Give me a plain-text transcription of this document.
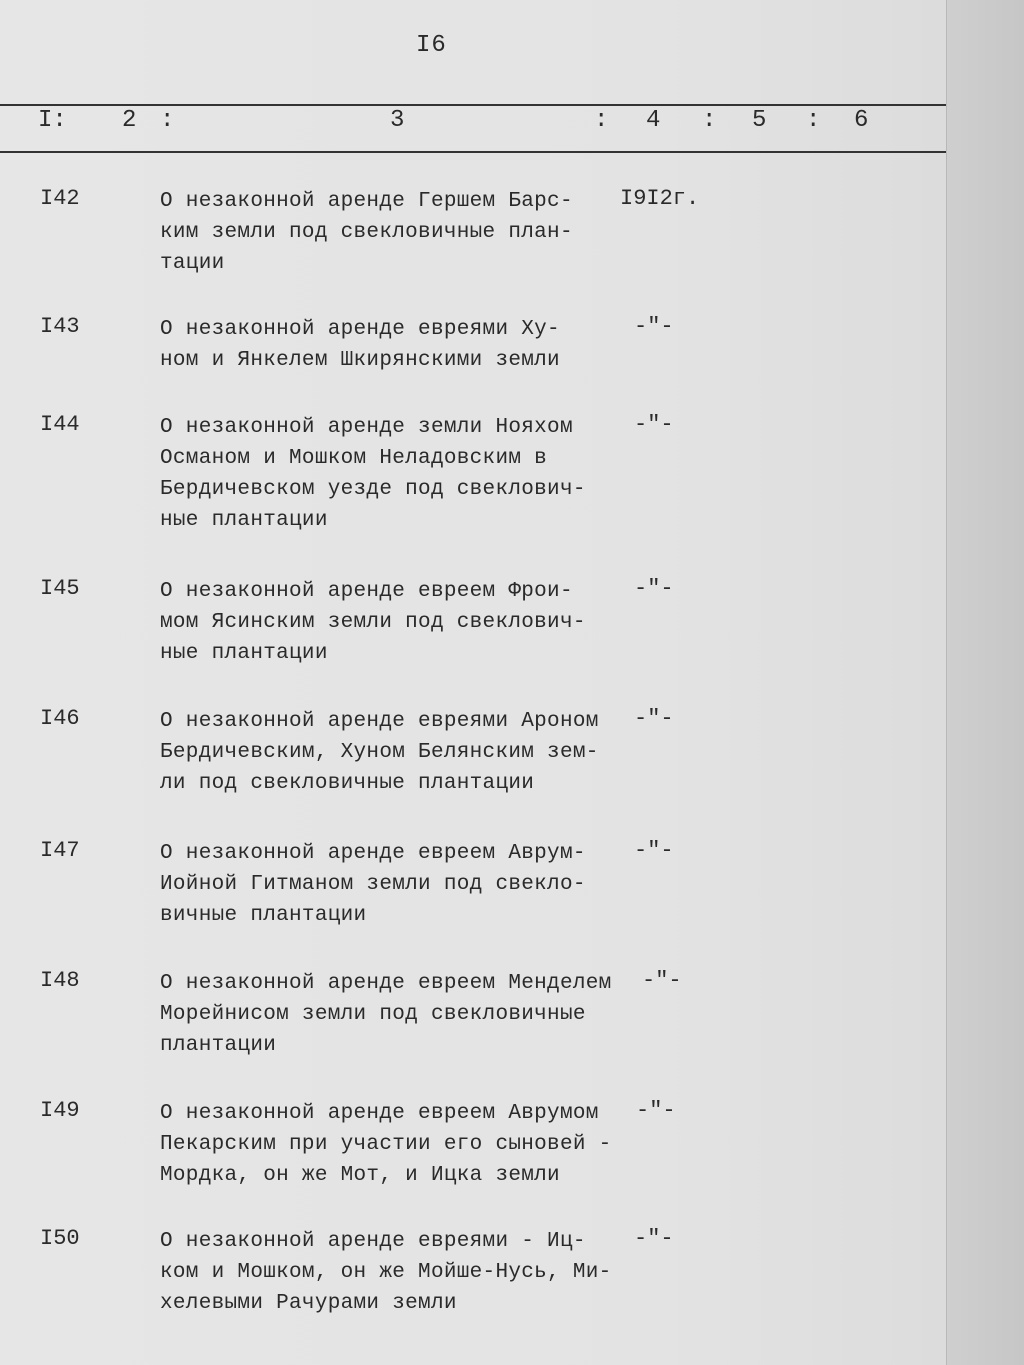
I6
I: 2 :	3	: 4 : 5 : 6
I42	О незаконной аренде Гершем Барс-
ким земли под свекловичные план-
тации
I9I2г.
I43	О незаконной аренде евреями Ху-
ном и Янкелем Шкирянскими земли
-"-
I44	О незаконной аренде земли Нояхом
Османом и Мошком Неладовским в
Бердичевском уезде под свеклович-
ные плантации
-"-
I45	О незаконной аренде евреем Фрои-
мом Ясинским земли под свеклович-
ные плантации
-"-
I46	О незаконной аренде евреями Ароном
Бердичевским, Хуном Белянским зем-
ли под свекловичные плантации
-"-
I47	О незаконной аренде евреем Аврум-
Иойной Гитманом земли под свекло-
вичные плантации
-"-
I48	О незаконной аренде евреем Менделем
Морейнисом земли под свекловичные
плантации
-"-
I49	О незаконной аренде евреем Аврумом
Пекарским при участии его сыновей -
Мордка, он же Мот, и Ицка земли
-"-
I50	О незаконной аренде евреями - Иц-
ком и Мошком, он же Мойше-Нусь, Ми-
хелевыми Рачурами земли
-"-
